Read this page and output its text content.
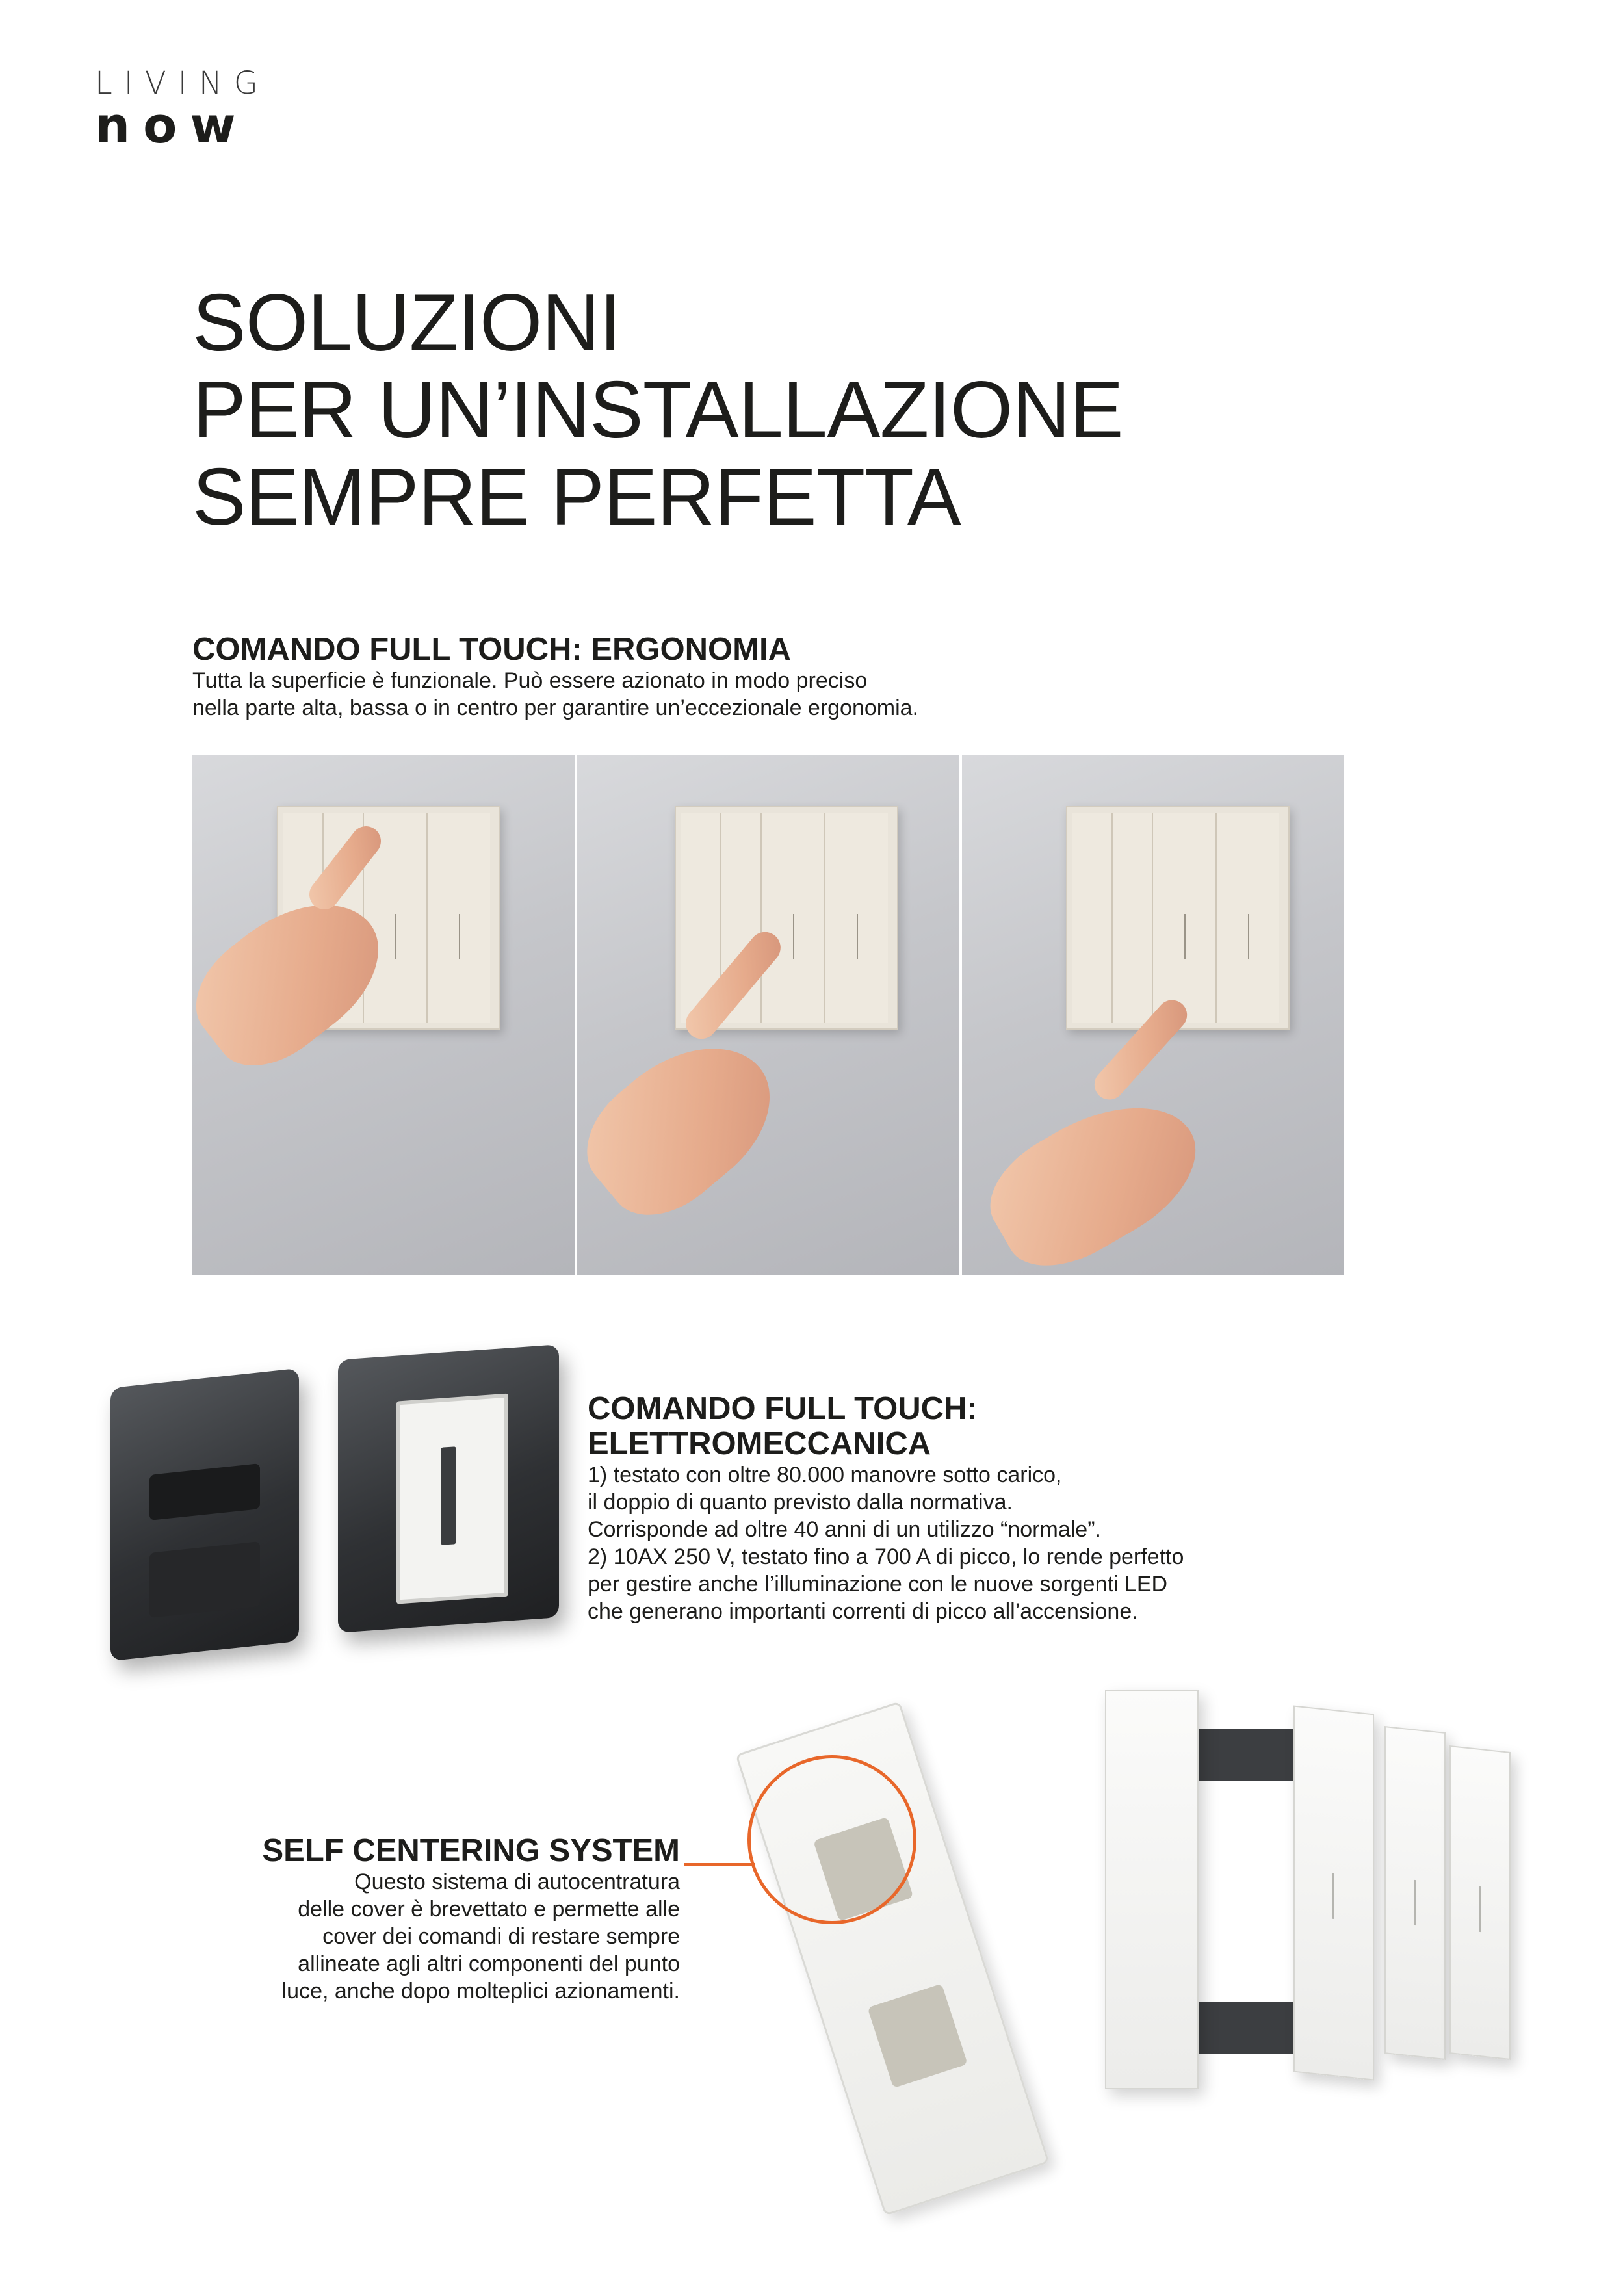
LIVING
now
SOLUZIONI
PER UN’INSTALLAZIONE
SEMPRE PERFETTA
COMANDO FULL TOUCH: ERGONOMIA

Tutta la superficie è funzionale. Può essere azionato in modo preciso

nella parte alta, bassa o in centro per garantire un’eccezionale ergonomia.

COMANDO FULL TOUCH:
ELETTROMECCANICA

1) testato con oltre 80.000 manovre sotto carico,

il doppio di quanto previsto dalla normativa.

Corrisponde ad oltre 40 anni di un utilizzo “normale”.

2) 10AX 250 V, testato fino a 700 A di picco, lo rende perfetto

per gestire anche l’illuminazione con le nuove sorgenti LED

che generano importanti correnti di picco all’accensione.

SELF CENTERING SYSTEM

Questo sistema di autocentratura

delle cover è brevettato e permette alle

cover dei comandi di restare sempre

allineate agli altri componenti del punto

luce, anche dopo molteplici azionamenti.
